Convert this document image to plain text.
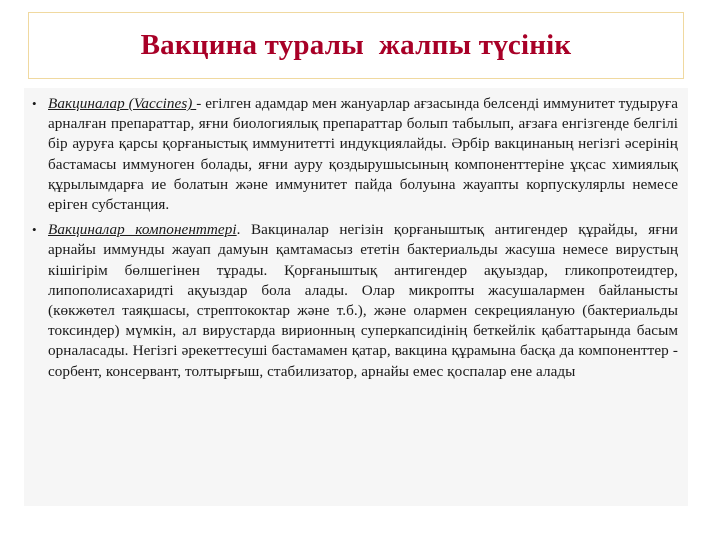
Вакцина туралы  жалпы түсінік
• Вакциналар (Vaccines) - егілген адамдар мен жануарлар ағзасында белсенді иммунитет тудыруға арналған препараттар, яғни биологиялық препараттар болып табылып, ағзаға енгізгенде белгілі бір ауруға қарсы қорғаныстық иммунитетті индукциялайды. Әрбір вакцинаның негізгі әсерінің бастамасы иммуноген болады, яғни ауру қоздырушысының компоненттеріне ұқсас химиялық құрылымдарға ие болатын және иммунитет пайда болуына жауапты корпускулярлы немесе еріген субстанция.
• Вакциналар компоненттері. Вакциналар негізін қорғаныштық антигендер құрайды, яғни арнайы иммунды жауап дамуын қамтамасыз ететін бактериальды жасуша немесе вирустың кішігірім бөлшегінен тұрады. Қорғаныштық антигендер ақуыздар, гликопротеидтер, липополисахаридті ақуыздар бола алады. Олар микропты жасушалармен байланысты (көкжөтел таяқшасы, стрептококтар және т.б.), және олармен секрецияланую (бактериальды токсиндер) мүмкін, ал вирустарда вирионның суперкапсидінің беткейлік қабаттарында басым орналасады. Негізгі әрекеттесуші бастамамен қатар, вакцина құрамына басқа да компоненттер - сорбент, консервант, толтырғыш, стабилизатор, арнайы емес қоспалар ене алады
